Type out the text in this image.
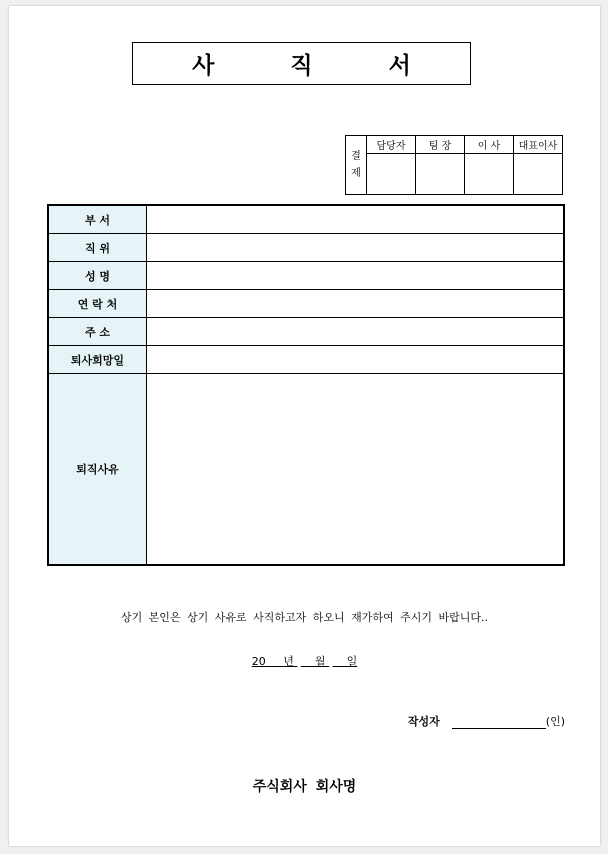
사 직 서
결
제	담당자	팀 장	이 사	대표이사

부 서	
직 위	
성 명	
연 락 처	
주 소	
퇴사희망일	
퇴직사유	
상기 본인은 상기 사유로 사직하고자 하오니 재가하여 주시기 바랍니다..
20 년 월 일
작성자	(인)
주식회사 회사명
